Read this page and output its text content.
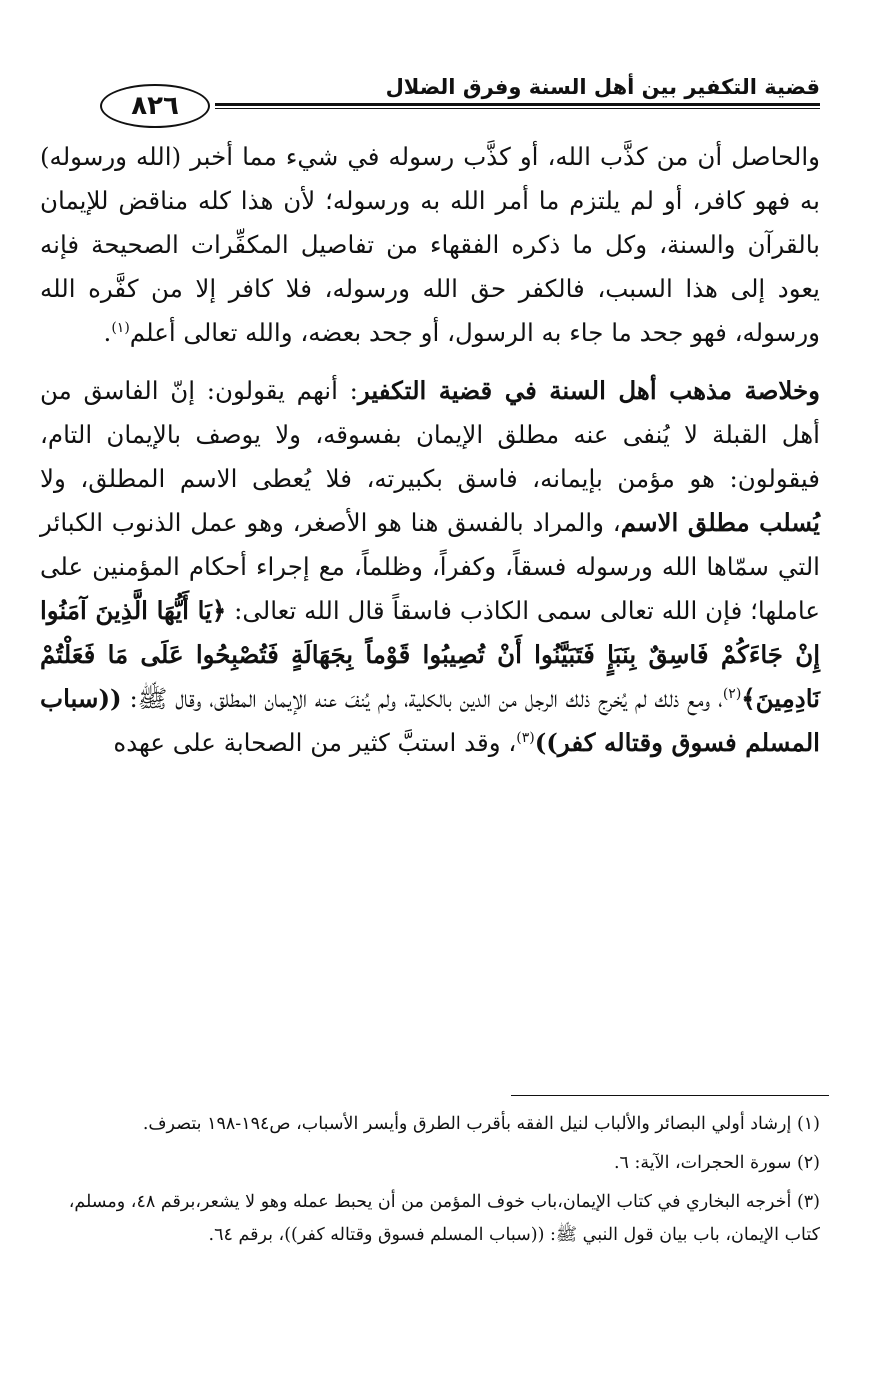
قضية التكفير بين أهل السنة وفرق الضلال
٨٢٦

والحاصل أن من كذَّب الله، أو كذَّب رسوله في شيء مما أخبر (الله ورسوله) به فهو كافر، أو لم يلتزم ما أمر الله به ورسوله؛ لأن هذا كله مناقض للإيمان بالقرآن والسنة، وكل ما ذكره الفقهاء من تفاصيل المكفِّرات الصحيحة فإنه يعود إلى هذا السبب، فالكفر حق الله ورسوله، فلا كافر إلا من كفَّره الله ورسوله، فهو جحد ما جاء به الرسول، أو جحد بعضه، والله تعالى أعلم$^{(١)}$.

وخلاصة مذهب أهل السنة في قضية التكفير: أنهم يقولون: إنّ الفاسق من أهل القبلة لا يُنفى عنه مطلق الإيمان بفسوقه، ولا يوصف بالإيمان التام، فيقولون: هو مؤمن بإيمانه، فاسق بكبيرته، فلا يُعطى الاسم المطلق، ولا يُسلب مطلق الاسم، والمراد بالفسق هنا هو الأصغر، وهو عمل الذنوب الكبائر التي سمّاها الله ورسوله فسقاً، وكفراً، وظلماً، مع إجراء أحكام المؤمنين على عاملها؛ فإن الله تعالى سمى الكاذب فاسقاً قال الله تعالى: ﴿يَا أَيُّهَا الَّذِينَ آمَنُوا إِنْ جَاءَكُمْ فَاسِقٌ بِنَبَإٍ فَتَبَيَّنُوا أَنْ تُصِيبُوا قَوْماً بِجَهَالَةٍ فَتُصْبِحُوا عَلَى مَا فَعَلْتُمْ نَادِمِينَ﴾$^{(٢)}$، ومع ذلك لم يُخرج ذلك الرجل من الدين بالكلية، ولم يُنفَ عنه الإيمان المطلق، وقال ﷺ: ((سباب المسلم فسوق وقتاله كفر))$^{(٣)}$، وقد استبَّ كثير من الصحابة على عهده

(١) إرشاد أولي البصائر والألباب لنيل الفقه بأقرب الطرق وأيسر الأسباب، ص١٩٤-١٩٨ بتصرف.

(٢) سورة الحجرات، الآية: ٦.

(٣) أخرجه البخاري في كتاب الإيمان،باب خوف المؤمن من أن يحبط عمله وهو لا يشعر،برقم ٤٨، ومسلم، كتاب الإيمان، باب بيان قول النبي ﷺ: ((سباب المسلم فسوق وقتاله كفر))، برقم ٦٤.
